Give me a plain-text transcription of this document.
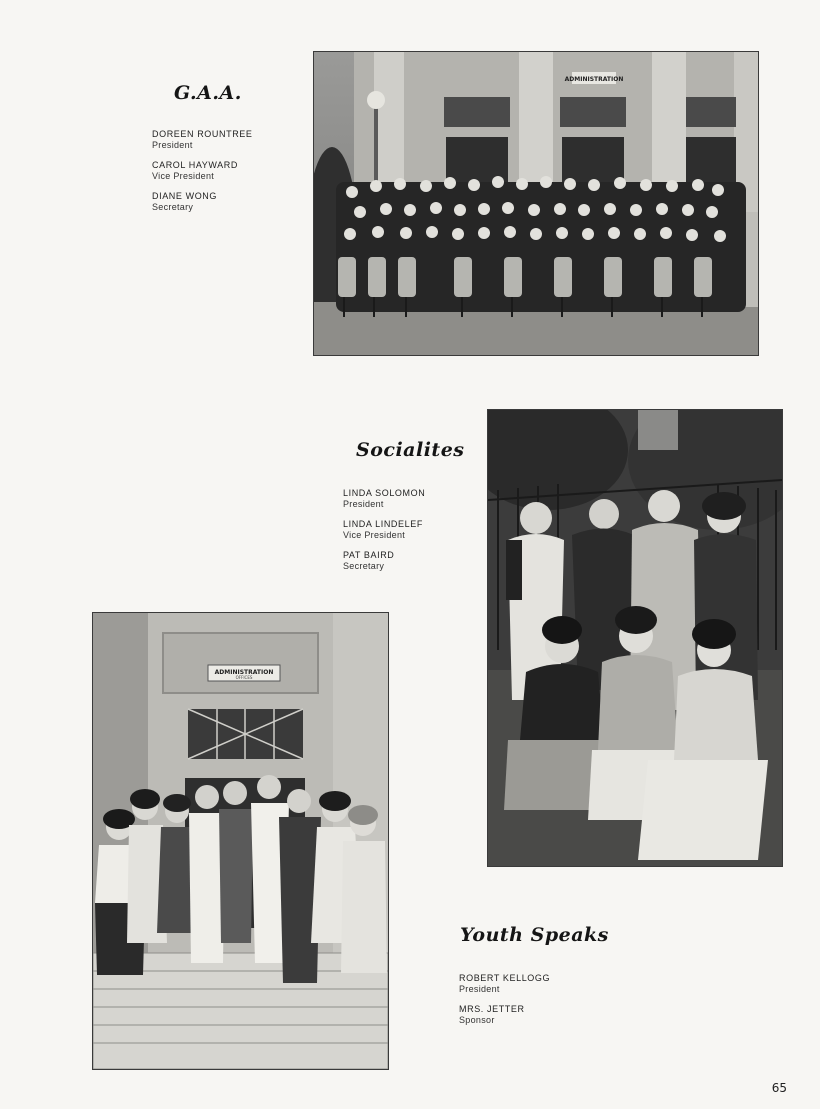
G.A.A.
DOREEN ROUNTREE
President
CAROL HAYWARD
Vice President
DIANE WONG
Secretary
ADMINISTRATION
Socialites
LINDA SOLOMON
President
LINDA LINDELEF
Vice President
PAT BAIRD
Secretary
ADMINISTRATION
OFFICES
Youth Speaks
ROBERT KELLOGG
President
MRS. JETTER
Sponsor
65
